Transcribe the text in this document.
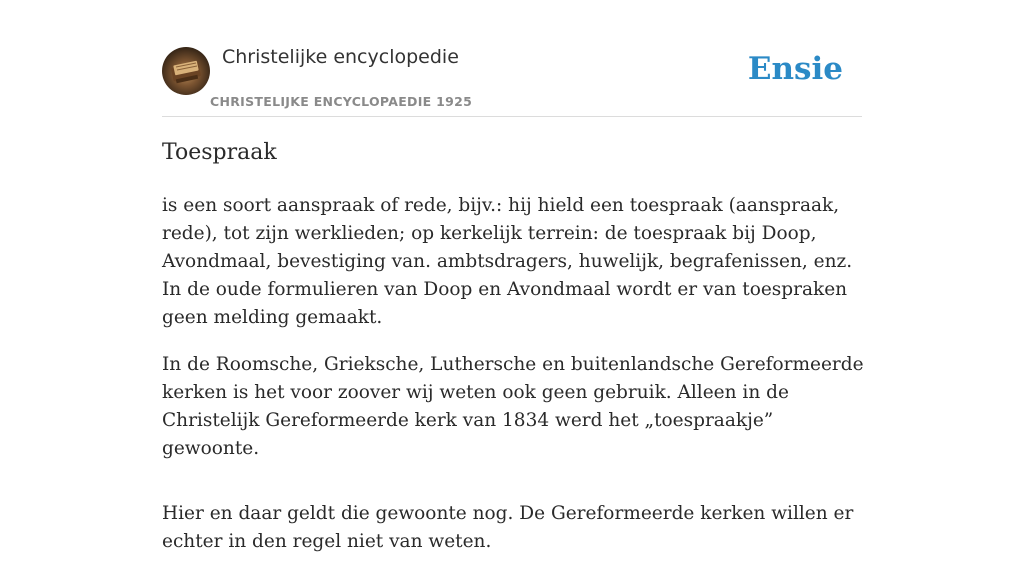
Christelijke encyclopedie
CHRISTELIJKE ENCYCLOPAEDIE 1925
Ensie
Toespraak

is een soort aanspraak of rede, bijv.: hij hield een toespraak (aanspraak, rede), tot zijn werklieden; op kerkelijk terrein: de toespraak bij Doop, Avondmaal, bevestiging van. ambtsdragers, huwelijk, begrafenissen, enz. In de oude formulieren van Doop en Avondmaal wordt er van toespraken geen melding gemaakt.

In de Roomsche, Grieksche, Luthersche en buitenlandsche Gereformeerde kerken is het voor zoover wij weten ook geen gebruik. Alleen in de Christelijk Gereformeerde kerk van 1834 werd het „toespraakje” gewoonte.

Hier en daar geldt die gewoonte nog. De Gereformeerde kerken willen er echter in den regel niet van weten.
